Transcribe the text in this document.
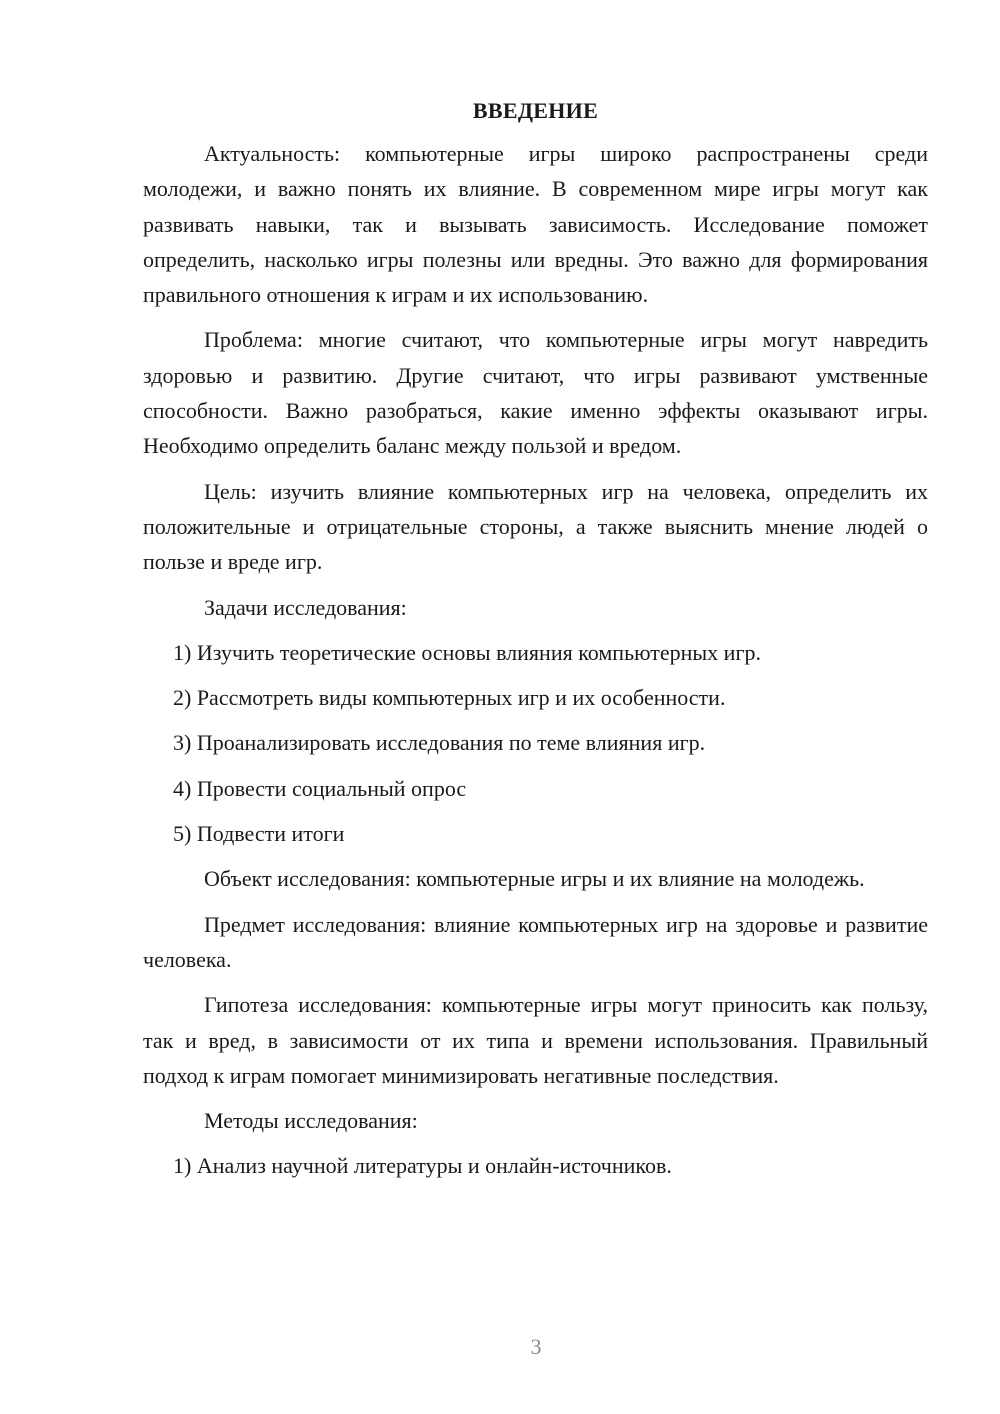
ВВЕДЕНИЕ

Актуальность: компьютерные игры широко распространены среди молодежи, и важно понять их влияние. В современном мире игры могут как развивать навыки, так и вызывать зависимость. Исследование поможет определить, насколько игры полезны или вредны. Это важно для формирования правильного отношения к играм и их использованию.

Проблема: многие считают, что компьютерные игры могут навредить здоровью и развитию. Другие считают, что игры развивают умственные способности. Важно разобраться, какие именно эффекты оказывают игры. Необходимо определить баланс между пользой и вредом.

Цель: изучить влияние компьютерных игр на человека, определить их положительные и отрицательные стороны, а также выяснить мнение людей о пользе и вреде игр.

Задачи исследования:

1) Изучить теоретические основы влияния компьютерных игр.

2) Рассмотреть виды компьютерных игр и их особенности.

3) Проанализировать исследования по теме влияния игр.

4) Провести социальный опрос

5) Подвести итоги

Объект исследования: компьютерные игры и их влияние на молодежь.

Предмет исследования: влияние компьютерных игр на здоровье и развитие человека.

Гипотеза исследования: компьютерные игры могут приносить как пользу, так и вред, в зависимости от их типа и времени использования. Правильный подход к играм помогает минимизировать негативные последствия.

Методы исследования:

1) Анализ научной литературы и онлайн-источников.

3
